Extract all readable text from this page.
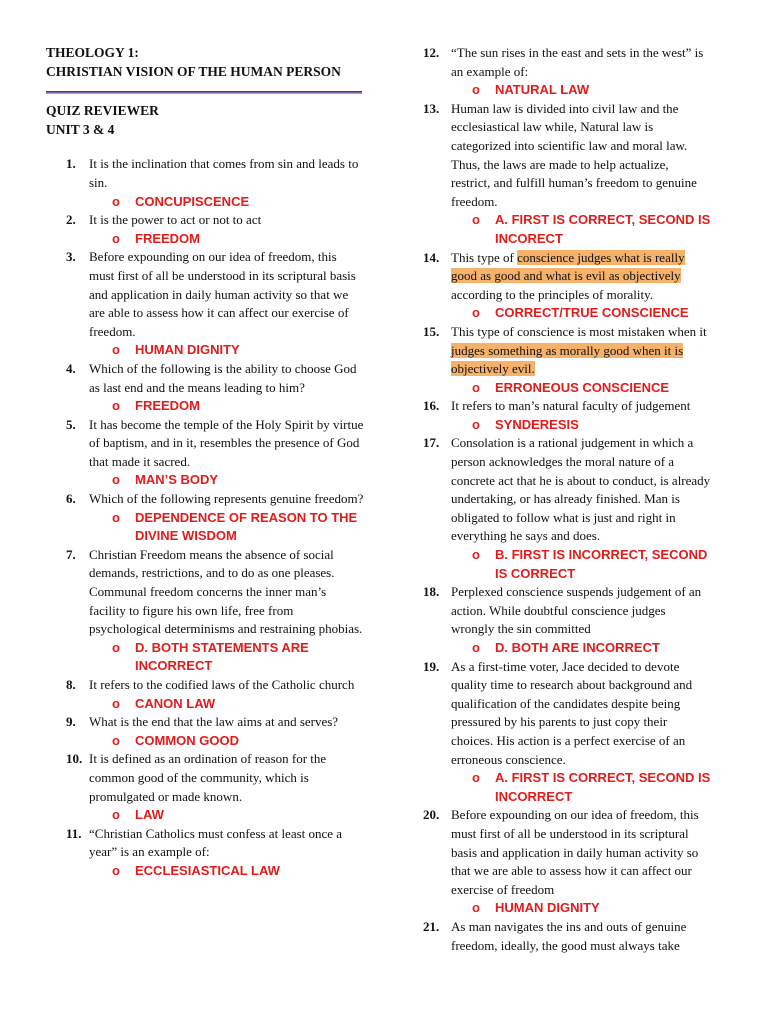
THEOLOGY 1:
CHRISTIAN VISION OF THE HUMAN PERSON
QUIZ REVIEWER
UNIT 3 & 4
1. It is the inclination that comes from sin and leads to sin.
o CONCUPISCENCE
2. It is the power to act or not to act
o FREEDOM
3. Before expounding on our idea of freedom, this must first of all be understood in its scriptural basis and application in daily human activity so that we are able to assess how it can affect our exercise of freedom.
o HUMAN DIGNITY
4. Which of the following is the ability to choose God as last end and the means leading to him?
o FREEDOM
5. It has become the temple of the Holy Spirit by virtue of baptism, and in it, resembles the presence of God that made it sacred.
o MAN’S BODY
6. Which of the following represents genuine freedom?
o DEPENDENCE OF REASON TO THE DIVINE WISDOM
7. Christian Freedom means the absence of social demands, restrictions, and to do as one pleases. Communal freedom concerns the inner man’s facility to figure his own life, free from psychological determinisms and restraining phobias.
o D. BOTH STATEMENTS ARE INCORRECT
8. It refers to the codified laws of the Catholic church
o CANON LAW
9. What is the end that the law aims at and serves?
o COMMON GOOD
10. It is defined as an ordination of reason for the common good of the community, which is promulgated or made known.
o LAW
11. “Christian Catholics must confess at least once a year” is an example of:
o ECCLESIASTICAL LAW
12. “The sun rises in the east and sets in the west” is an example of:
o NATURAL LAW
13. Human law is divided into civil law and the ecclesiastical law while, Natural law is categorized into scientific law and moral law. Thus, the laws are made to help actualize, restrict, and fulfill human’s freedom to genuine freedom.
o A. FIRST IS CORRECT, SECOND IS INCORECT
14. This type of conscience judges what is really good as good and what is evil as objectively according to the principles of morality.
o CORRECT/TRUE CONSCIENCE
15. This type of conscience is most mistaken when it judges something as morally good when it is objectively evil.
o ERRONEOUS CONSCIENCE
16. It refers to man’s natural faculty of judgement
o SYNDERESIS
17. Consolation is a rational judgement in which a person acknowledges the moral nature of a concrete act that he is about to conduct, is already undertaking, or has already finished. Man is obligated to follow what is just and right in everything he says and does.
o B. FIRST IS INCORRECT, SECOND IS CORRECT
18. Perplexed conscience suspends judgement of an action. While doubtful conscience judges wrongly the sin committed
o D. BOTH ARE INCORRECT
19. As a first-time voter, Jace decided to devote quality time to research about background and qualification of the candidates despite being pressured by his parents to just copy their choices. His action is a perfect exercise of an erroneous conscience.
o A. FIRST IS CORRECT, SECOND IS INCORRECT
20. Before expounding on our idea of freedom, this must first of all be understood in its scriptural basis and application in daily human activity so that we are able to assess how it can affect our exercise of freedom
o HUMAN DIGNITY
21. As man navigates the ins and outs of genuine freedom, ideally, the good must always take
